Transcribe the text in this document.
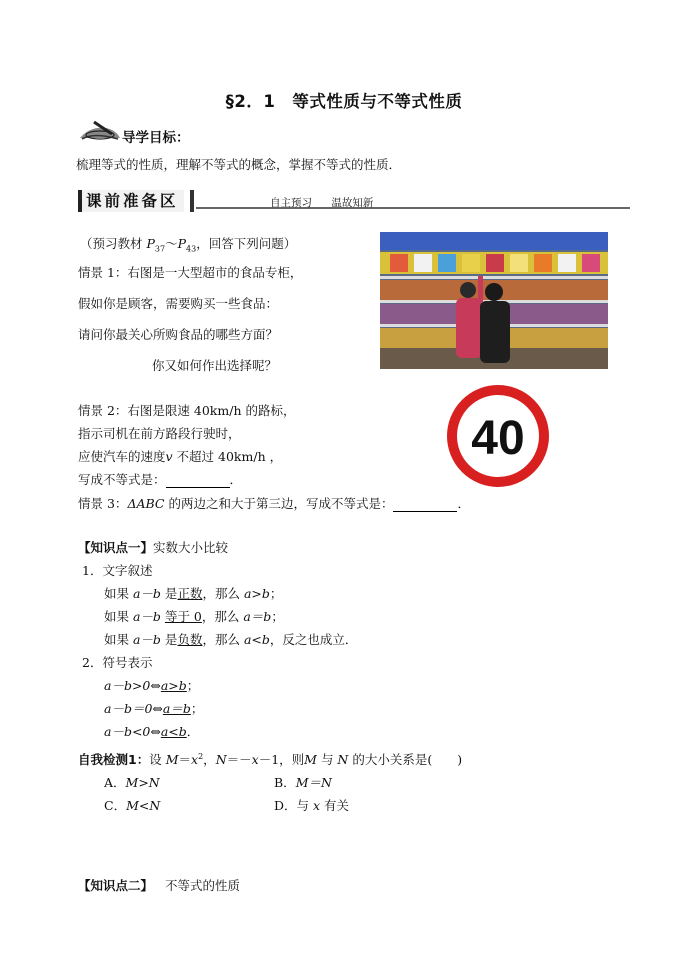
§2．1　等式性质与不等式性质
导学目标：
梳理等式的性质，理解不等式的概念，掌握不等式的性质．
课前准备区	自主预习 温故知新
（预习教材 $P_{37}\sim P_{43}$，回答下列问题）
情景 1：右图是一大型超市的食品专柜，
假如你是顾客，需要购买一些食品：
请问你最关心所购食品的哪些方面？
你又如何作出选择呢？
情景 2：右图是限速 40km/h 的路标，
指示司机在前方路段行驶时，
应使汽车的速度v 不超过 40km/h ，
写成不等式是：	．
40
情景 3：ΔABC 的两边之和大于第三边，写成不等式是：	．
【知识点一】实数大小比较
1．文字叙述
如果 a－b 是正数，那么 a>b；
如果 a－b 等于 0，那么 a＝b；
如果 a－b 是负数，那么 a<b，反之也成立．
2．符号表示
a－b>0⇔a>b；
a－b＝0⇔a＝b；
a－b<0⇔a<b．
自我检测1：设 $M=x^2$，N＝－x－1，则M 与 N 的大小关系是(　　)
A．M>N	B．M＝N
C．M<N	D．与 x 有关
【知识点二】 不等式的性质
